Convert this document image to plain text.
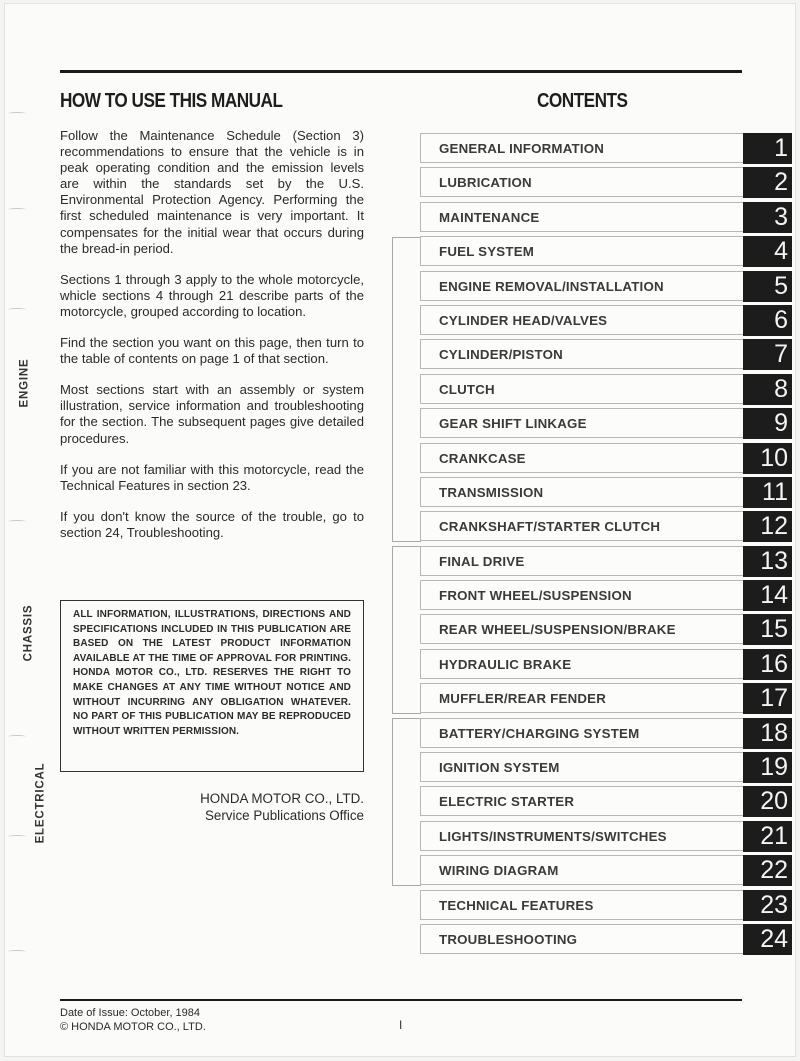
HOW TO USE THIS MANUAL	CONTENTS

Follow the Maintenance Schedule (Section 3) recommendations to ensure that the vehicle is in peak operating condition and the emission levels are within the standards set by the U.S. Environmental Protection Agency. Performing the first scheduled maintenance is very important. It compensates for the initial wear that occurs during the bread-in period.

Sections 1 through 3 apply to the whole motorcycle, whicle sections 4 through 21 describe parts of the motorcycle, grouped according to location.

Find the section you want on this page, then turn to the table of contents on page 1 of that section.

Most sections start with an assembly or system illustration, service information and troubleshooting for the section. The subsequent pages give detailed procedures.

If you are not familiar with this motorcycle, read the Technical Features in section 23.

If you don't know the source of the trouble, go to section 24, Troubleshooting.

ALL INFORMATION, ILLUSTRATIONS, DIRECTIONS AND SPECIFICATIONS INCLUDED IN THIS PUBLICATION ARE BASED ON THE LATEST PRODUCT INFORMATION AVAILABLE AT THE TIME OF APPROVAL FOR PRINTING. HONDA MOTOR CO., LTD. RESERVES THE RIGHT TO MAKE CHANGES AT ANY TIME WITHOUT NOTICE AND WITHOUT INCURRING ANY OBLIGATION WHATEVER. NO PART OF THIS PUBLICATION MAY BE REPRODUCED WITHOUT WRITTEN PERMISSION.
HONDA MOTOR CO., LTD.
Service Publications Office
ENGINE
CHASSIS
ELECTRICAL
GENERAL INFORMATION	1
LUBRICATION	2
MAINTENANCE	3
FUEL SYSTEM	4
ENGINE REMOVAL/INSTALLATION	5
CYLINDER HEAD/VALVES	6
CYLINDER/PISTON	7
CLUTCH	8
GEAR SHIFT LINKAGE	9
CRANKCASE	10
TRANSMISSION	11
CRANKSHAFT/STARTER CLUTCH	12
FINAL DRIVE	13
FRONT WHEEL/SUSPENSION	14
REAR WHEEL/SUSPENSION/BRAKE	15
HYDRAULIC BRAKE	16
MUFFLER/REAR FENDER	17
BATTERY/CHARGING SYSTEM	18
IGNITION SYSTEM	19
ELECTRIC STARTER	20
LIGHTS/INSTRUMENTS/SWITCHES	21
WIRING DIAGRAM	22
TECHNICAL FEATURES	23
TROUBLESHOOTING	24
Date of Issue: October, 1984
© HONDA MOTOR CO., LTD.	I
